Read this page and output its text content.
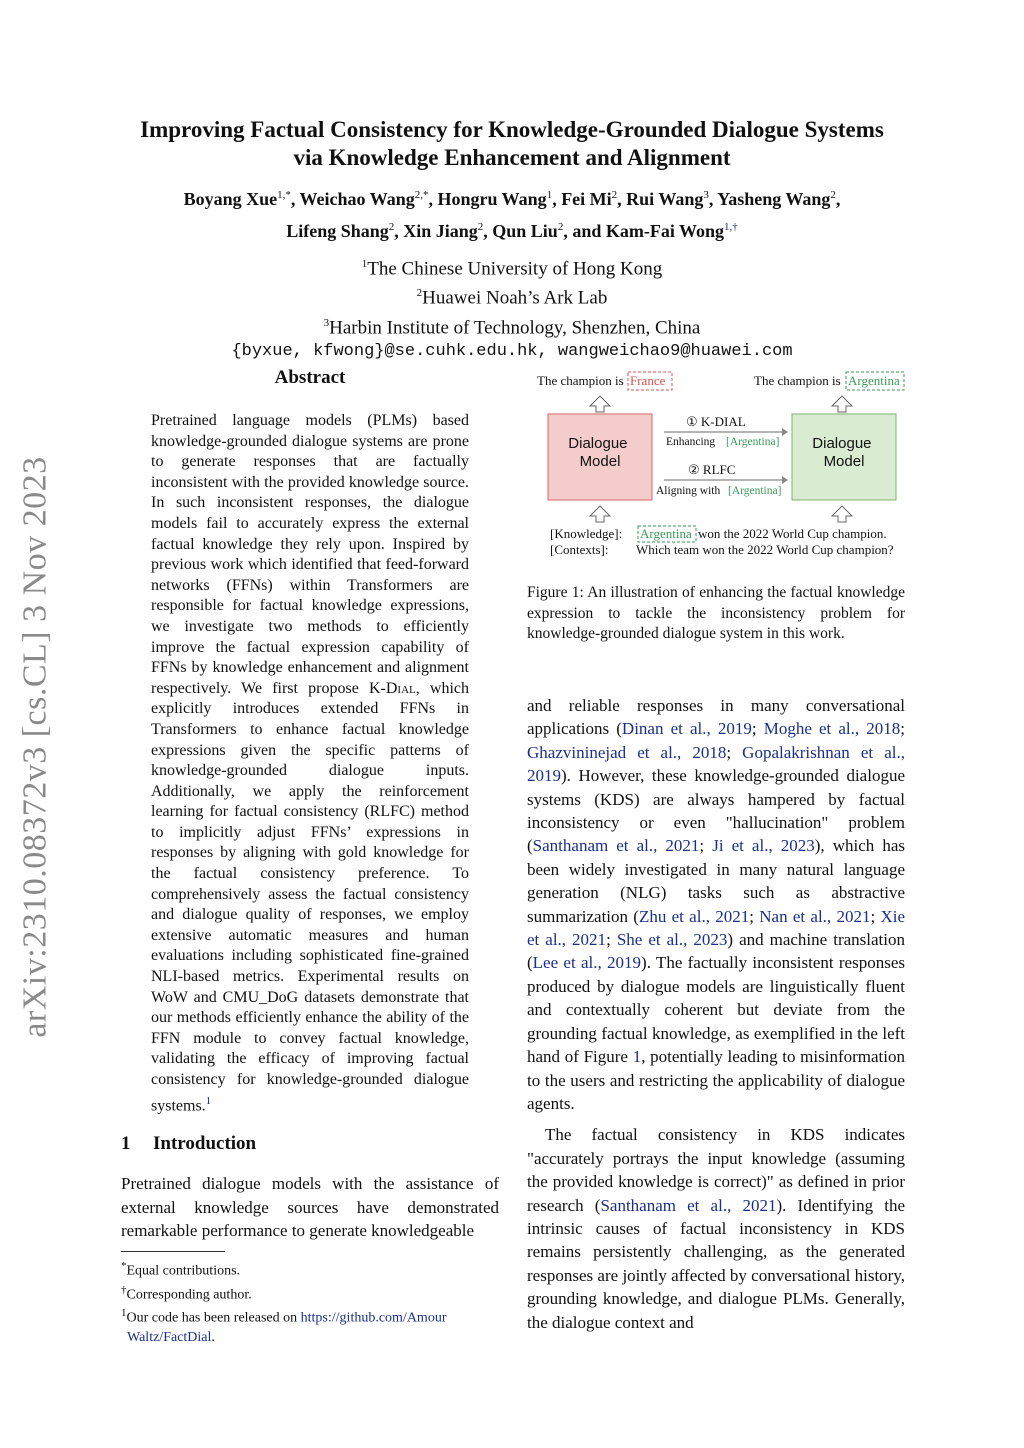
arXiv:2310.08372v3 [cs.CL] 3 Nov 2023
Improving Factual Consistency for Knowledge-Grounded Dialogue Systems
via Knowledge Enhancement and Alignment
Boyang Xue$^{1,*}$, Weichao Wang$^{2,*}$, Hongru Wang$^1$, Fei Mi$^2$, Rui Wang$^3$, Yasheng Wang$^2$,
Lifeng Shang$^2$, Xin Jiang$^2$, Qun Liu$^2$, and Kam-Fai Wong$^{1,\dagger}$
$^1$The Chinese University of Hong Kong
$^2$Huawei Noah’s Ark Lab
$^3$Harbin Institute of Technology, Shenzhen, China
{byxue, kfwong}@se.cuhk.edu.hk, wangweichao9@huawei.com
Abstract
Pretrained language models (PLMs) based knowledge-grounded dialogue systems are prone to generate responses that are factually inconsistent with the provided knowledge source. In such inconsistent responses, the dialogue models fail to accurately express the external factual knowledge they rely upon. Inspired by previous work which identified that feed-forward networks (FFNs) within Transformers are responsible for factual knowledge expressions, we investigate two methods to efficiently improve the factual expression capability of FFNs by knowledge enhancement and alignment respectively. We first propose K-Dial, which explicitly introduces extended FFNs in Transformers to enhance factual knowledge expressions given the specific patterns of knowledge-grounded dialogue inputs. Additionally, we apply the reinforcement learning for factual consistency (RLFC) method to implicitly adjust FFNs’ expressions in responses by aligning with gold knowledge for the factual consistency preference. To comprehensively assess the factual consistency and dialogue quality of responses, we employ extensive automatic measures and human evaluations including sophisticated fine-grained NLI-based metrics. Experimental results on WoW and CMU_DoG datasets demonstrate that our methods efficiently enhance the ability of the FFN module to convey factual knowledge, validating the efficacy of improving factual consistency for knowledge-grounded dialogue systems.$^1$
1 Introduction
Pretrained dialogue models with the assistance of external knowledge sources have demonstrated remarkable performance to generate knowledgeable
*Equal contributions.
†Corresponding author.
$^1$Our code has been released on https://github.com/Amour
Waltz/FactDial.
The champion is France	The champion is Argentina
Dialogue Model
Dialogue Model
① K-DIAL
Enhancing [Argentina]
② RLFC
Aligning with [Argentina]
[Knowledge]: Argentina won the 2022 World Cup champion.
[Contexts]: Which team won the 2022 World Cup champion?
Figure 1: An illustration of enhancing the factual knowledge expression to tackle the inconsistency problem for knowledge-grounded dialogue system in this work.

and reliable responses in many conversational applications (Dinan et al., 2019; Moghe et al., 2018; Ghazvininejad et al., 2018; Gopalakrishnan et al., 2019). However, these knowledge-grounded dialogue systems (KDS) are always hampered by factual inconsistency or even "hallucination" problem (Santhanam et al., 2021; Ji et al., 2023), which has been widely investigated in many natural language generation (NLG) tasks such as abstractive summarization (Zhu et al., 2021; Nan et al., 2021; Xie et al., 2021; She et al., 2023) and machine translation (Lee et al., 2019). The factually inconsistent responses produced by dialogue models are linguistically fluent and contextually coherent but deviate from the grounding factual knowledge, as exemplified in the left hand of Figure 1, potentially leading to misinformation to the users and restricting the applicability of dialogue agents.

The factual consistency in KDS indicates "accurately portrays the input knowledge (assuming the provided knowledge is correct)" as defined in prior research (Santhanam et al., 2021). Identifying the intrinsic causes of factual inconsistency in KDS remains persistently challenging, as the generated responses are jointly affected by conversational history, grounding knowledge, and dialogue PLMs. Generally, the dialogue context and
